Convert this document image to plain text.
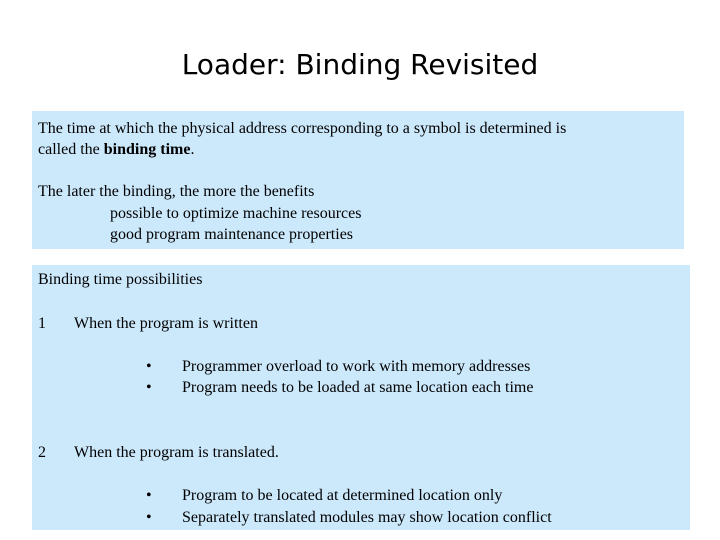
Loader: Binding Revisited
The time at which the physical address corresponding to a symbol is determined is
called the binding time.
The later the binding, the more the benefits
possible to optimize machine resources
good program maintenance properties
Binding time possibilities
1 When the program is written
• Programmer overload to work with memory addresses
• Program needs to be loaded at same location each time
2 When the program is translated.
• Program to be located at determined location only
• Separately translated modules may show location conflict
